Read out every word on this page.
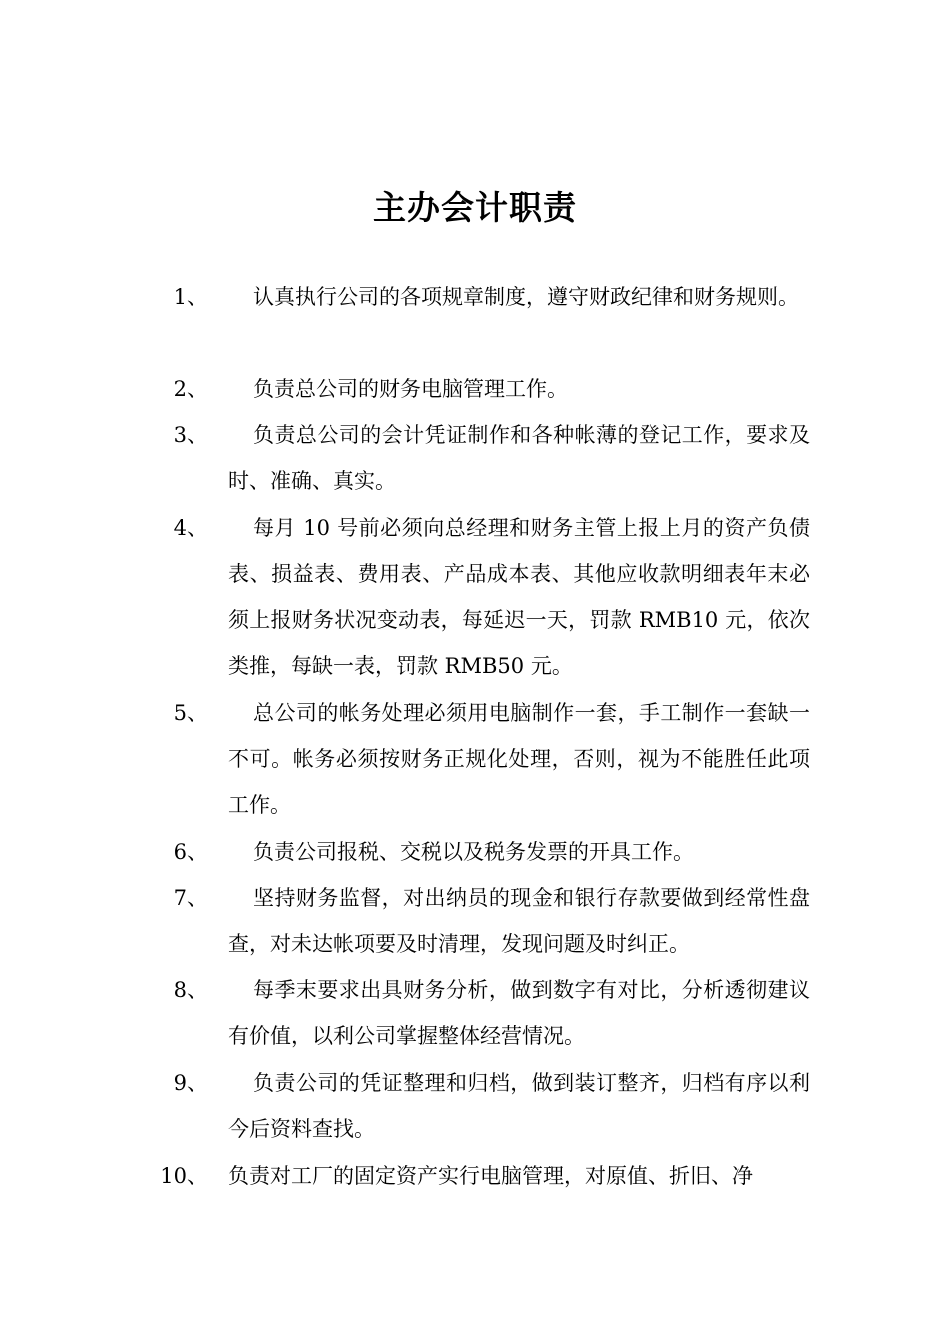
主办会计职责
1、	认真执行公司的各项规章制度，遵守财政纪律和财务规则。
2、	负责总公司的财务电脑管理工作。
3、	负责总公司的会计凭证制作和各种帐薄的登记工作，要求及时、准确、真实。
4、	每月 10 号前必须向总经理和财务主管上报上月的资产负债表、损益表、费用表、产品成本表、其他应收款明细表年末必须上报财务状况变动表，每延迟一天，罚款 RMB10 元，依次类推，每缺一表，罚款 RMB50 元。
5、	总公司的帐务处理必须用电脑制作一套，手工制作一套缺一不可。帐务必须按财务正规化处理，否则，视为不能胜任此项工作。
6、	负责公司报税、交税以及税务发票的开具工作。
7、	坚持财务监督，对出纳员的现金和银行存款要做到经常性盘查，对未达帐项要及时清理，发现问题及时纠正。
8、	每季末要求出具财务分析，做到数字有对比，分析透彻建议有价值，以利公司掌握整体经营情况。
9、	负责公司的凭证整理和归档，做到装订整齐，归档有序以利今后资料查找。
10、 负责对工厂的固定资产实行电脑管理，对原值、折旧、净
